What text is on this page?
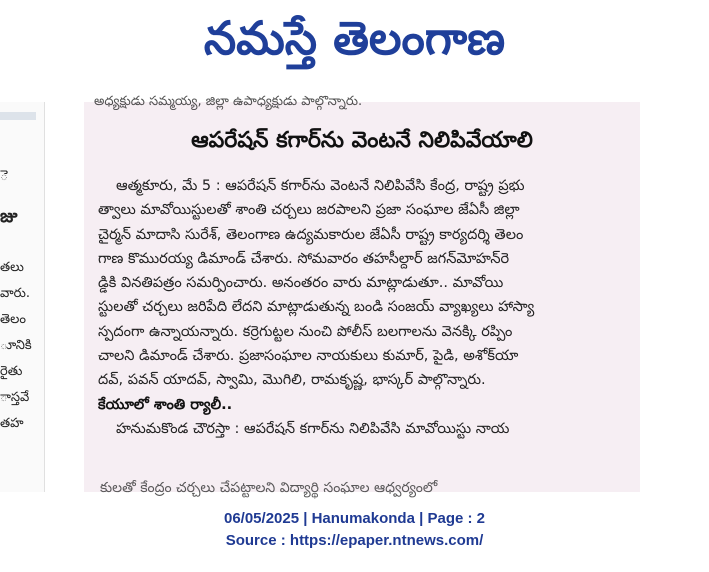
నమస్తే తెలంగాణ
ె
జు
తలు
వారు.
తెలం
ూనికి
రైతు
ాస్తవే
తహ
అధ్యక్షుడు సమ్మయ్య, జిల్లా ఉపాధ్యక్షుడు పాల్గొన్నారు.
ఆపరేషన్ కగార్‌ను వెంటనే నిలిపివేయాలి
ఆత్మకూరు, మే 5 : ఆపరేషన్ కగార్‌ను వెంటనే నిలిపివేసి కేంద్ర, రాష్ట్ర ప్రభు
త్వాలు మావోయిస్టులతో శాంతి చర్చలు జరపాలని ప్రజా సంఘాల జేఏసీ జిల్లా
చైర్మన్ మాదాసి సురేశ్, తెలంగాణ ఉద్యమకారుల జేఏసీ రాష్ట్ర కార్యదర్శి తెలం
గాణ కొమురయ్య డిమాండ్ చేశారు. సోమవారం తహసీల్దార్ జగన్‌మోహన్‌రె
డ్డికి వినతిపత్రం సమర్పించారు. అనంతరం వారు మాట్లాడుతూ.. మావోయి
స్టులతో చర్చలు జరిపేది లేదని మాట్లాడుతున్న బండి సంజయ్ వ్యాఖ్యలు హాస్యా
స్పదంగా ఉన్నాయన్నారు. కర్రెగుట్టల నుంచి పోలీస్ బలగాలను వెనక్కి రప్పిం
చాలని డిమాండ్ చేశారు. ప్రజాసంఘాల నాయకులు కుమార్, పైడి, అశోక్‌యా
దవ్, పవన్ యాదవ్, స్వామి, మొగిలి, రామకృష్ణ, భాస్కర్ పాల్గొన్నారు.
కేయూలో శాంతి ర్యాలీ..
హనుమకొండ చౌరస్తా : ఆపరేషన్ కగార్‌ను నిలిపివేసి మావోయిస్టు నాయ
కులతో కేంద్రం చర్చలు చేపట్టాలని విద్యార్థి సంఘాల ఆధ్వర్యంలో
06/05/2025 | Hanumakonda | Page : 2
Source : https://epaper.ntnews.com/
